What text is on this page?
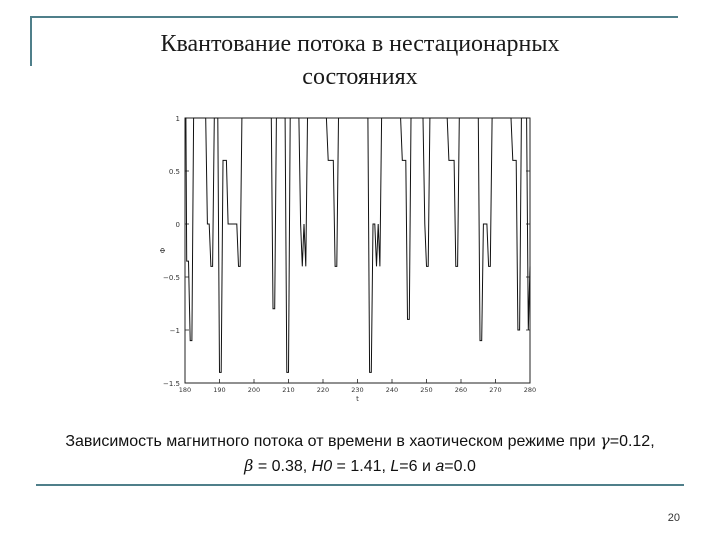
Квантование потока в нестационарных
состояниях
1
0.5
0
−0.5
−1
−1.5
180	190	200	210	220	230	240	250	260	270	280
t
Φ
Зависимость магнитного потока от времени в хаотическом режиме при γ=0.12,
β = 0.38, H0 = 1.41, L=6 и a=0.0
20
